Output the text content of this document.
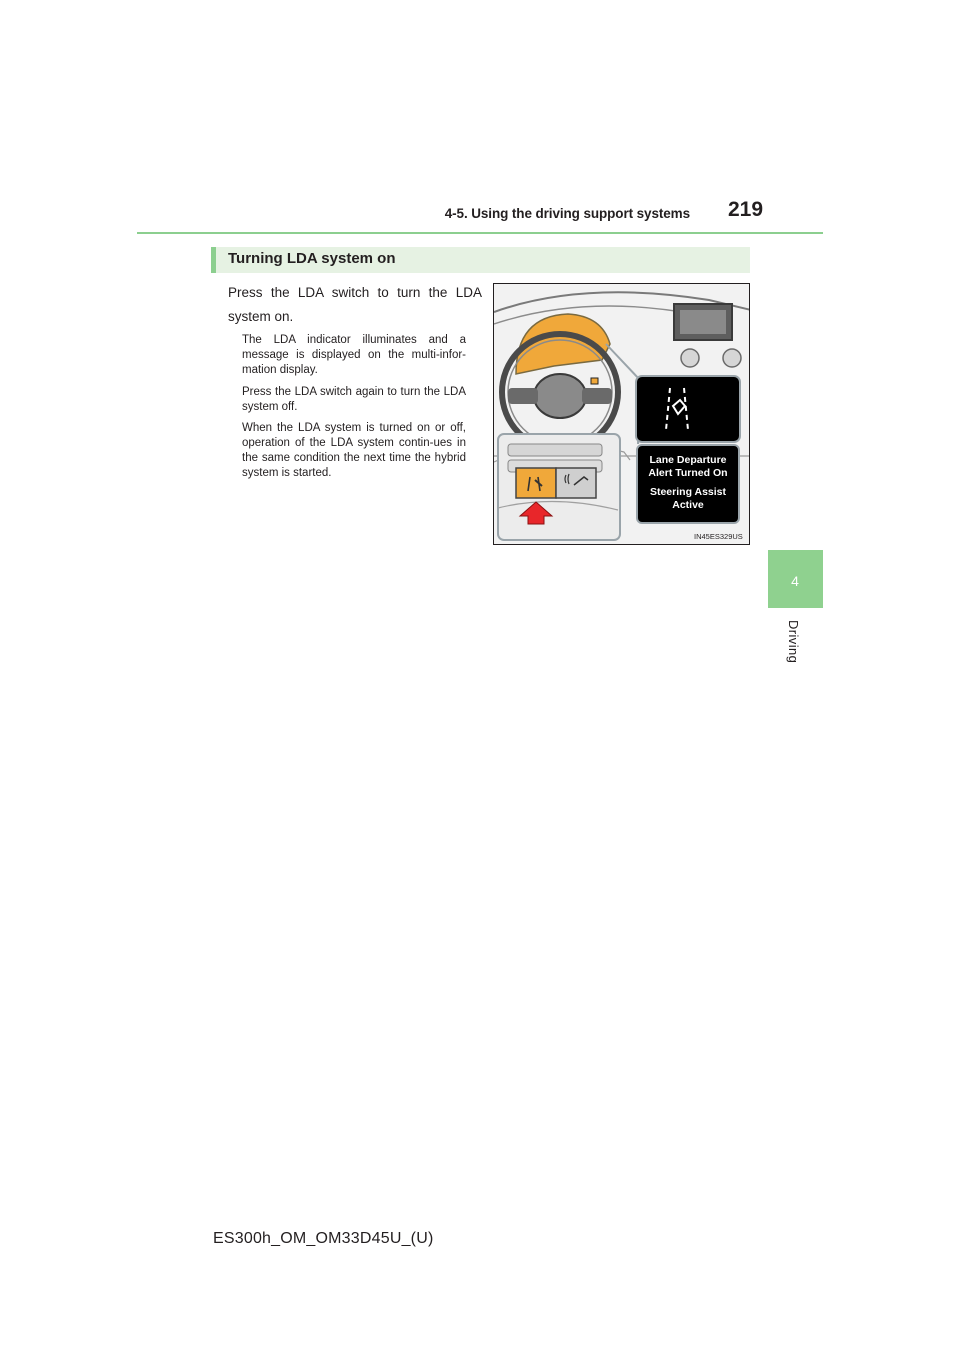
4-5. Using the driving support systems 219
4
Driving
Turning LDA system on

Press the LDA switch to turn the LDA system on.

The LDA indicator illuminates and a message is displayed on the multi-infor-mation display.

Press the LDA switch again to turn the LDA system off.

When the LDA system is turned on or off, operation of the LDA system contin-ues in the same condition the next time the hybrid system is started.

Lane Departure
Alert Turned On
Steering Assist
Active
IN45ES329US
ES300h_OM_OM33D45U_(U)
